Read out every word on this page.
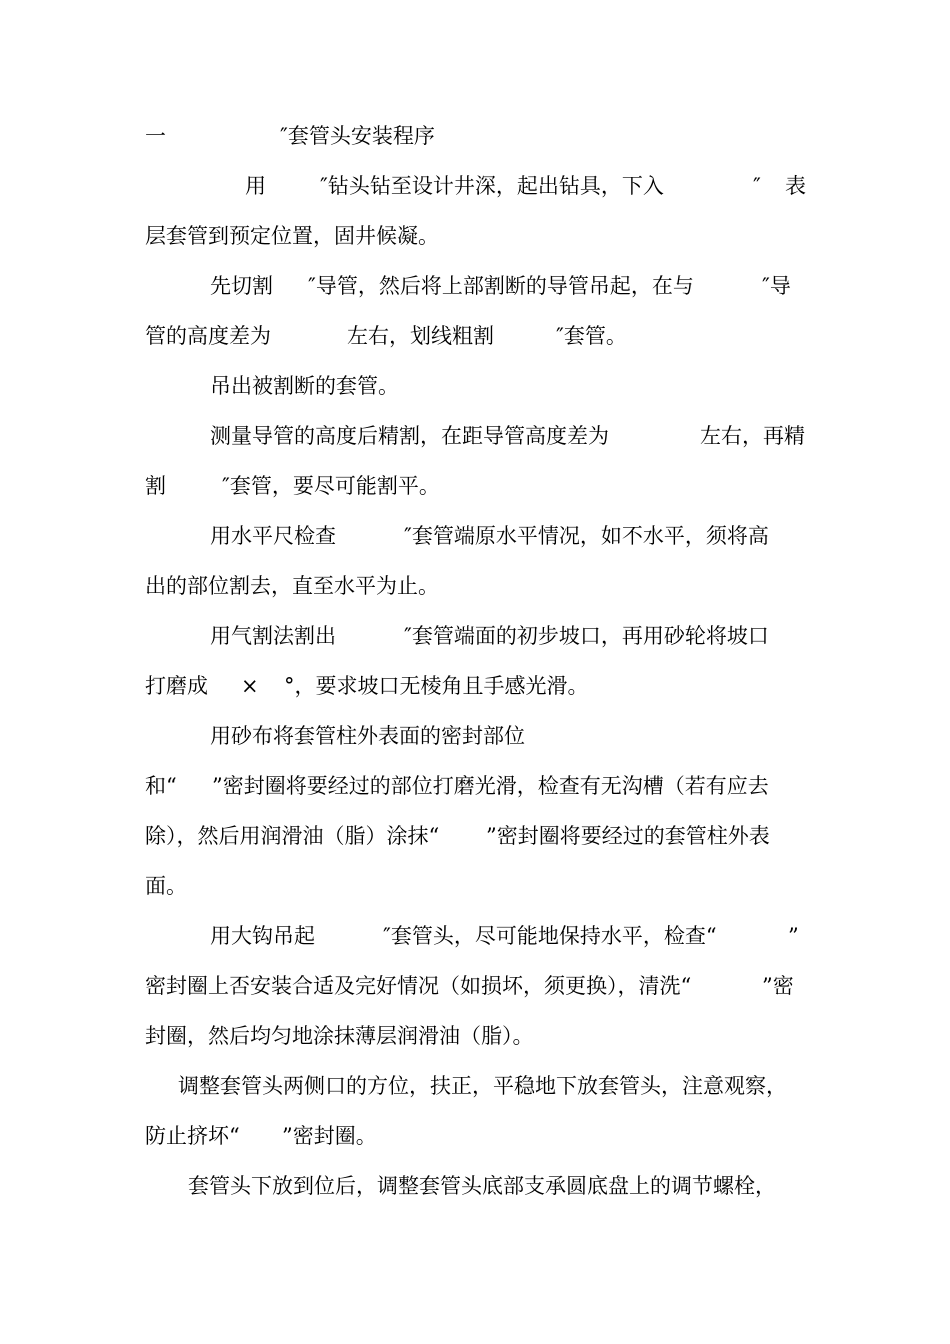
一

	″套管头安装程序

用

	″钻头钻至设计井深，起出钻具，下入

	″

表

层套管到预定位置，固井候凝。

先切割

″导管，然后将上部割断的导管吊起，在与

	″导

管的高度差为

	左右，划线粗割

	″套管。

吊出被割断的套管。

测量导管的高度后精割，在距导管高度差为

	左右，再精

割

	″套管，要尽可能割平。

用水平尺检查

	″套管端原水平情况，如不水平，须将高

出的部位割去，直至水平为止。

用气割法割出

	″套管端面的初步坡口，再用砂轮将坡口

打磨成

×

°，要求坡口无棱角且手感光滑。

用砂布将套管柱外表面的密封部位

和“

”密封圈将要经过的部位打磨光滑，检查有无沟槽（若有应去

除），然后用润滑油（脂）涂抹“

”密封圈将要经过的套管柱外表

面。

用大钩吊起

	″套管头，尽可能地保持水平，检查“

	”

密封圈上否安装合适及完好情况（如损坏，须更换），清洗“

	”密

封圈，然后均匀地涂抹薄层润滑油（脂）。

调整套管头两侧口的方位，扶正，平稳地下放套管头，注意观察，

防止挤坏“

”密封圈。

套管头下放到位后，调整套管头底部支承圆底盘上的调节螺栓，
